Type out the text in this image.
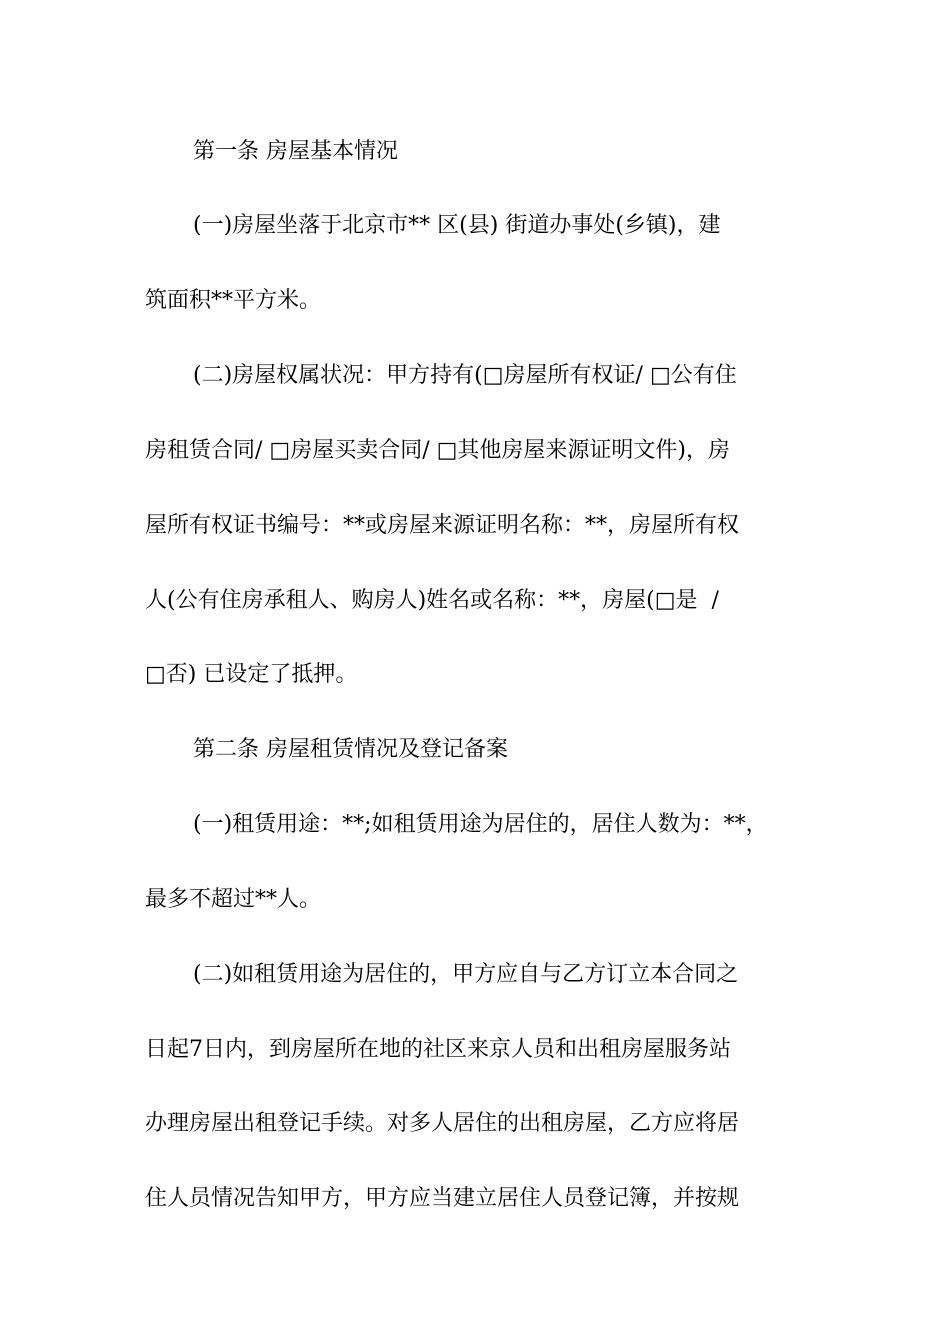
第一条 房屋基本情况
(一)房屋坐落于北京市** 区(县) 街道办事处(乡镇)，建
筑面积**平方米。
(二)房屋权属状况：甲方持有(□房屋所有权证/ □公有住
房租赁合同/ □房屋买卖合同/ □其他房屋来源证明文件)，房
屋所有权证书编号：**或房屋来源证明名称：**，房屋所有权
人(公有住房承租人、购房人)姓名或名称：**，房屋(□是  /
□否) 已设定了抵押。
第二条 房屋租赁情况及登记备案
(一)租赁用途：**;如租赁用途为居住的，居住人数为：**，
最多不超过**人。
(二)如租赁用途为居住的，甲方应自与乙方订立本合同之
日起7日内，到房屋所在地的社区来京人员和出租房屋服务站
办理房屋出租登记手续。对多人居住的出租房屋，乙方应将居
住人员情况告知甲方，甲方应当建立居住人员登记簿，并按规
